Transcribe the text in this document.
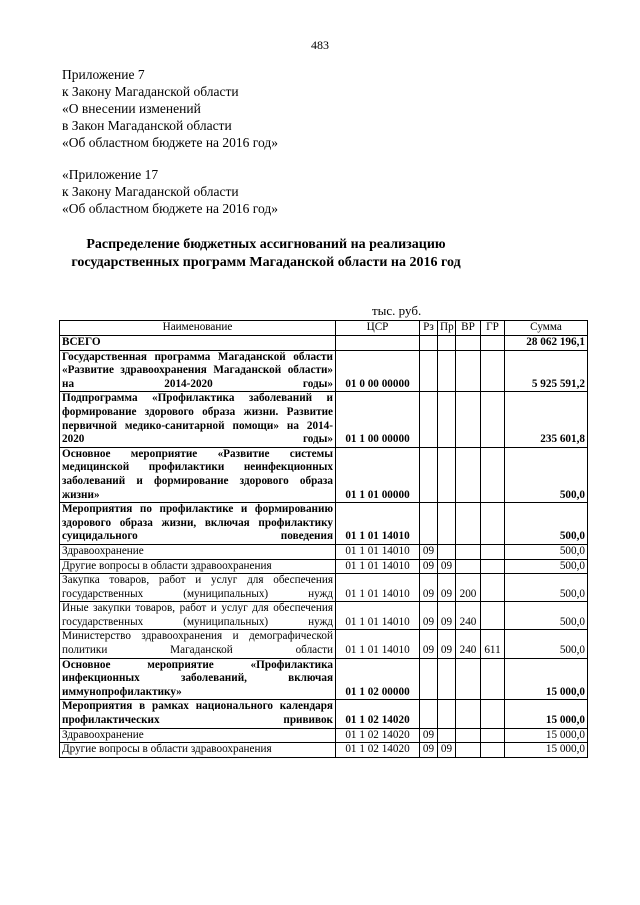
483
Приложение 7
к Закону Магаданской области
«О внесении изменений
в Закон Магаданской области
«Об областном бюджете на 2016 год»
«Приложение 17
к Закону Магаданской области
«Об областном бюджете на 2016 год»
Распределение бюджетных ассигнований на реализацию государственных программ Магаданской области на 2016 год
тыс. руб.
Наименование	ЦСР	Рз	Пр	ВР	ГР	Сумма
ВСЕГО						28 062 196,1
Государственная программа Магаданской области «Развитие здравоохранения Магаданской области» на 2014-2020 годы»	01 0 00 00000					5 925 591,2
Подпрограмма «Профилактика заболеваний и формирование здорового образа жизни. Развитие первичной медико-санитарной помощи» на 2014-2020 годы»	01 1 00 00000					235 601,8
Основное мероприятие «Развитие системы медицинской профилактики неинфекционных заболеваний и формирование здорового образа жизни»	01 1 01 00000					500,0
Мероприятия по профилактике и формированию здорового образа жизни, включая профилактику суицидального поведения	01 1 01 14010					500,0
Здравоохранение	01 1 01 14010	09				500,0
Другие вопросы в области здравоохранения	01 1 01 14010	09	09			500,0
Закупка товаров, работ и услуг для обеспечения государственных (муниципальных) нужд	01 1 01 14010	09	09	200		500,0
Иные закупки товаров, работ и услуг для обеспечения государственных (муниципальных) нужд	01 1 01 14010	09	09	240		500,0
Министерство здравоохранения и демографической политики Магаданской области	01 1 01 14010	09	09	240	611	500,0
Основное мероприятие «Профилактика инфекционных заболеваний, включая иммунопрофилактику»	01 1 02 00000					15 000,0
Мероприятия в рамках национального календаря профилактических прививок	01 1 02 14020					15 000,0
Здравоохранение	01 1 02 14020	09				15 000,0
Другие вопросы в области здравоохранения	01 1 02 14020	09	09			15 000,0
